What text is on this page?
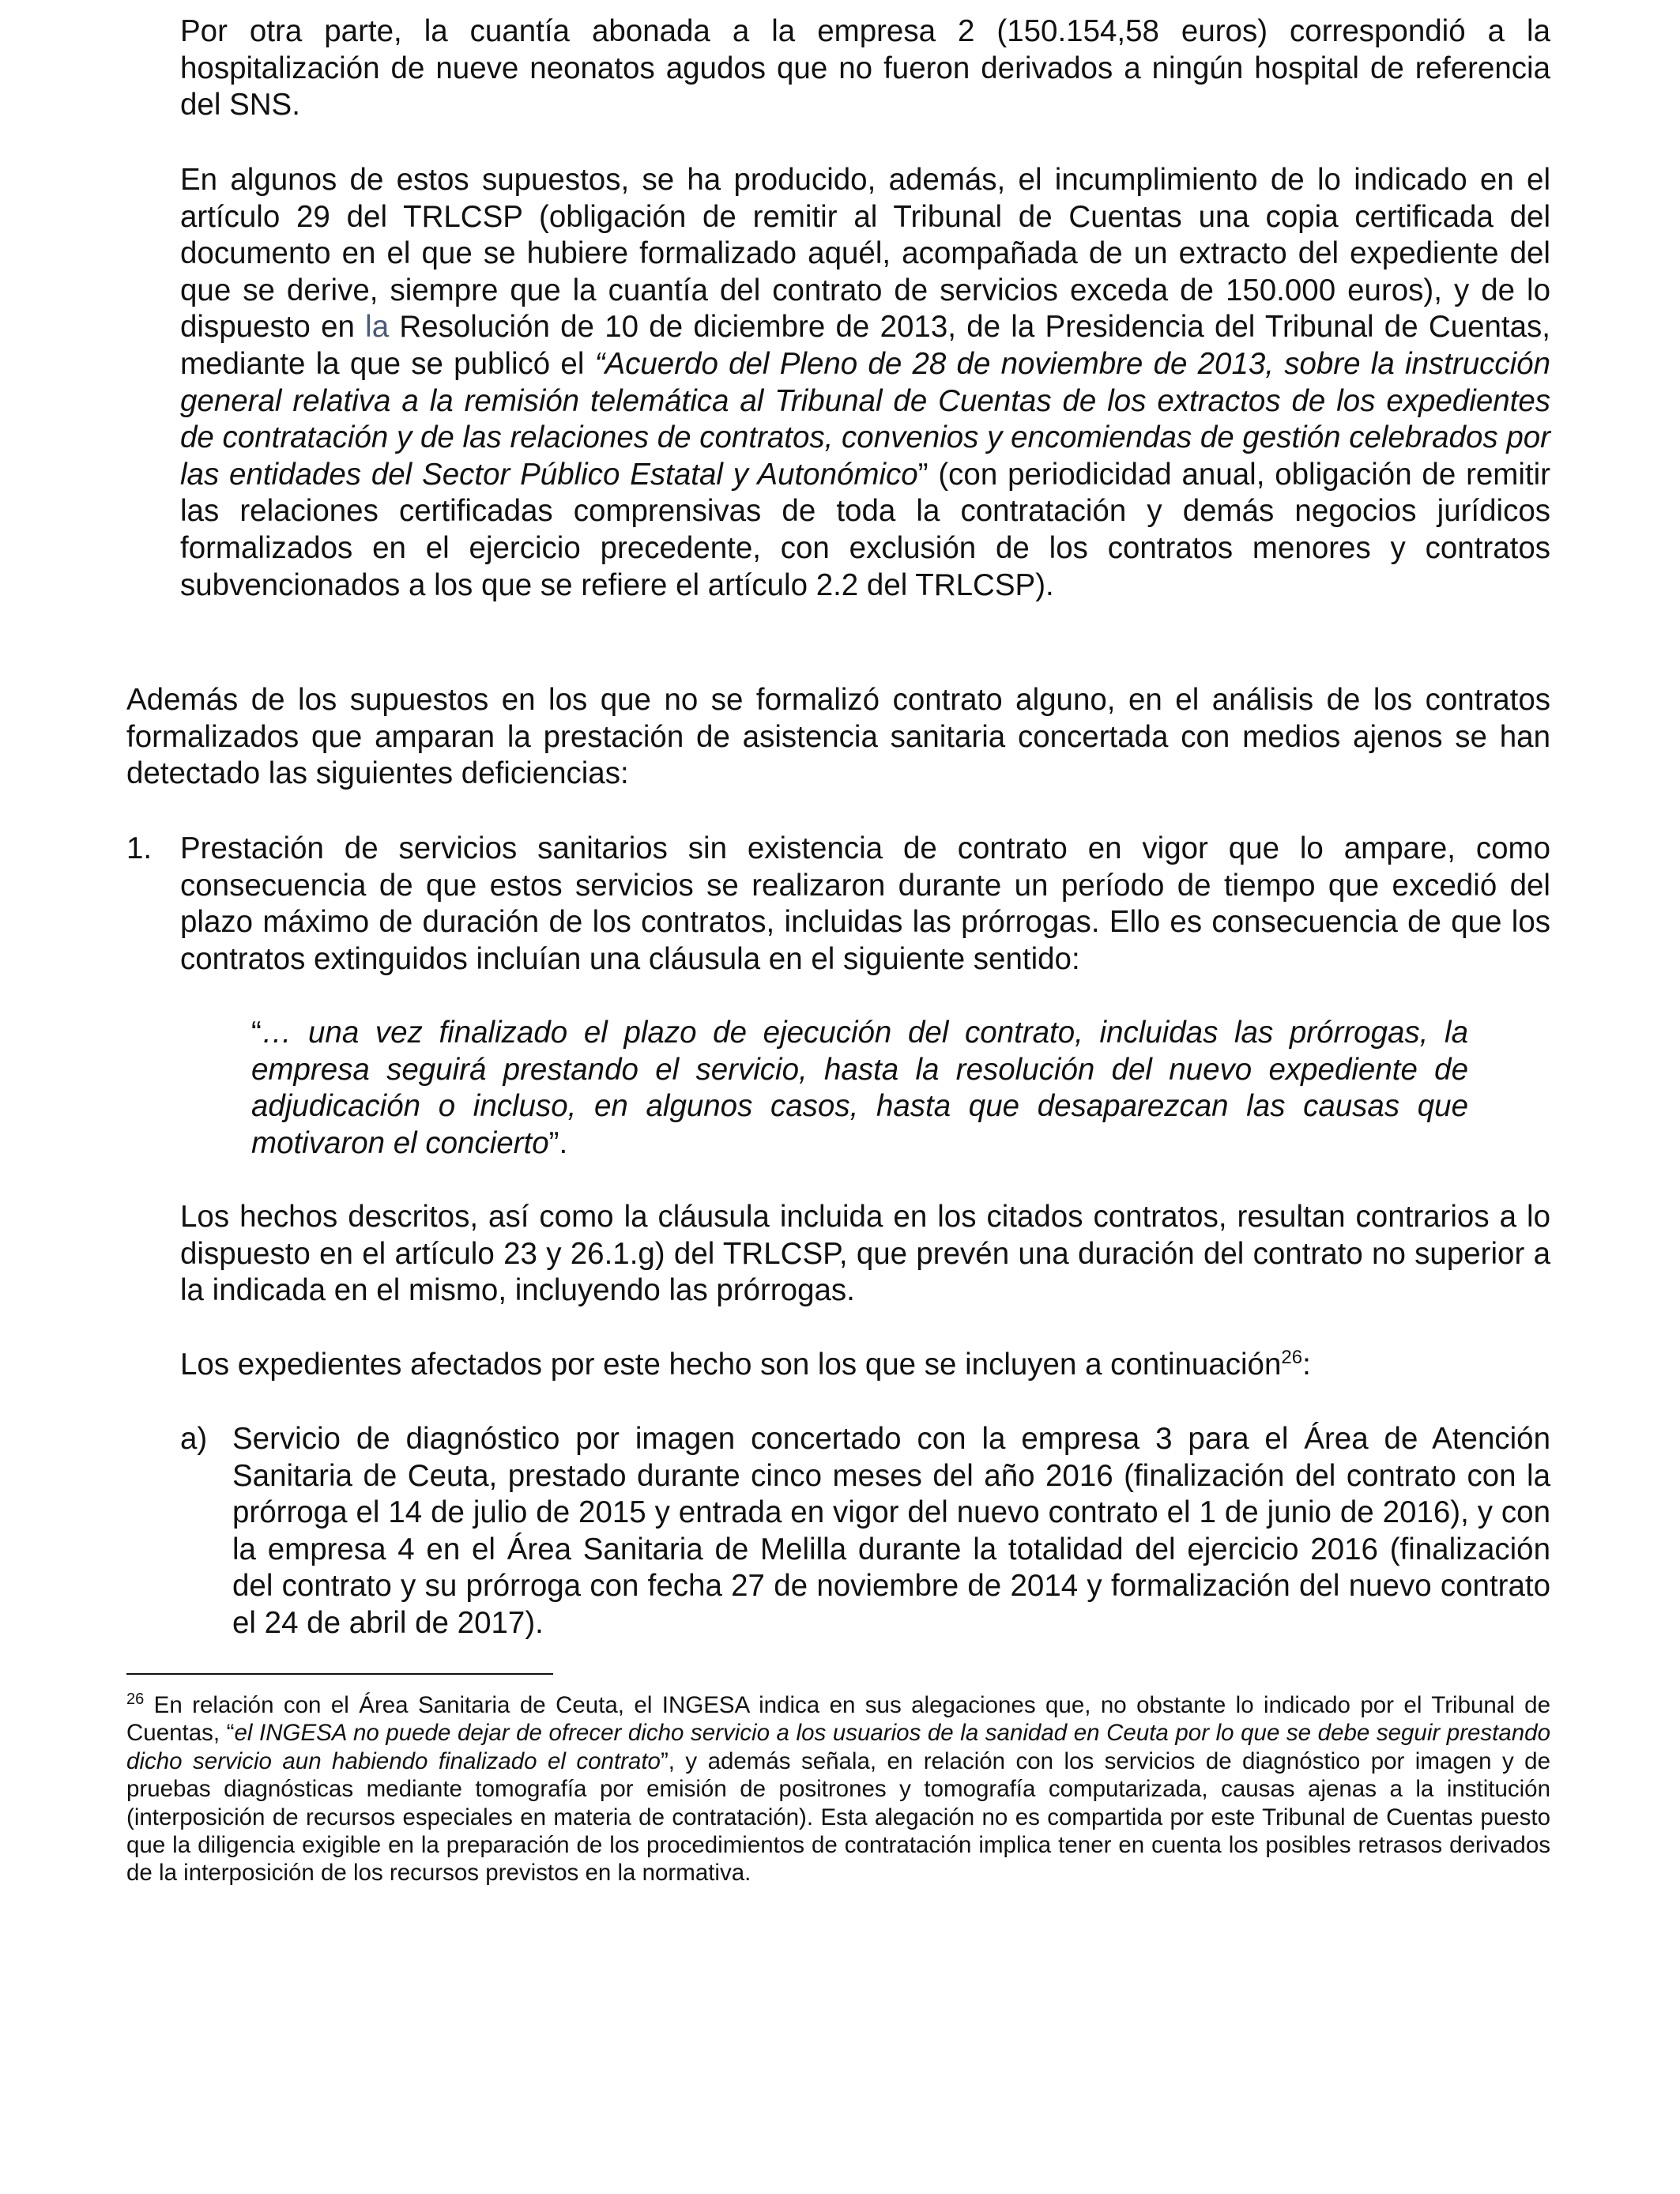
Por otra parte, la cuantía abonada a la empresa 2 (150.154,58 euros) correspondió a la hospitalización de nueve neonatos agudos que no fueron derivados a ningún hospital de referencia del SNS.

En algunos de estos supuestos, se ha producido, además, el incumplimiento de lo indicado en el artículo 29 del TRLCSP (obligación de remitir al Tribunal de Cuentas una copia certificada del documento en el que se hubiere formalizado aquél, acompañada de un extracto del expediente del que se derive, siempre que la cuantía del contrato de servicios exceda de 150.000 euros), y de lo dispuesto en la Resolución de 10 de diciembre de 2013, de la Presidencia del Tribunal de Cuentas, mediante la que se publicó el “Acuerdo del Pleno de 28 de noviembre de 2013, sobre la instrucción general relativa a la remisión telemática al Tribunal de Cuentas de los extractos de los expedientes de contratación y de las relaciones de contratos, convenios y encomiendas de gestión celebrados por las entidades del Sector Público Estatal y Autonómico” (con periodicidad anual, obligación de remitir las relaciones certificadas comprensivas de toda la contratación y demás negocios jurídicos formalizados en el ejercicio precedente, con exclusión de los contratos menores y contratos subvencionados a los que se refiere el artículo 2.2 del TRLCSP).

Además de los supuestos en los que no se formalizó contrato alguno, en el análisis de los contratos formalizados que amparan la prestación de asistencia sanitaria concertada con medios ajenos se han detectado las siguientes deficiencias:

1. Prestación de servicios sanitarios sin existencia de contrato en vigor que lo ampare, como consecuencia de que estos servicios se realizaron durante un período de tiempo que excedió del plazo máximo de duración de los contratos, incluidas las prórrogas. Ello es consecuencia de que los contratos extinguidos incluían una cláusula en el siguiente sentido:

“… una vez finalizado el plazo de ejecución del contrato, incluidas las prórrogas, la empresa seguirá prestando el servicio, hasta la resolución del nuevo expediente de adjudicación o incluso, en algunos casos, hasta que desaparezcan las causas que motivaron el concierto”.

Los hechos descritos, así como la cláusula incluida en los citados contratos, resultan contrarios a lo dispuesto en el artículo 23 y 26.1.g) del TRLCSP, que prevén una duración del contrato no superior a la indicada en el mismo, incluyendo las prórrogas.

Los expedientes afectados por este hecho son los que se incluyen a continuación$^{26}$:

a) Servicio de diagnóstico por imagen concertado con la empresa 3 para el Área de Atención Sanitaria de Ceuta, prestado durante cinco meses del año 2016 (finalización del contrato con la prórroga el 14 de julio de 2015 y entrada en vigor del nuevo contrato el 1 de junio de 2016), y con la empresa 4 en el Área Sanitaria de Melilla durante la totalidad del ejercicio 2016 (finalización del contrato y su prórroga con fecha 27 de noviembre de 2014 y formalización del nuevo contrato el 24 de abril de 2017).

$^{26}$ En relación con el Área Sanitaria de Ceuta, el INGESA indica en sus alegaciones que, no obstante lo indicado por el Tribunal de Cuentas, “el INGESA no puede dejar de ofrecer dicho servicio a los usuarios de la sanidad en Ceuta por lo que se debe seguir prestando dicho servicio aun habiendo finalizado el contrato”, y además señala, en relación con los servicios de diagnóstico por imagen y de pruebas diagnósticas mediante tomografía por emisión de positrones y tomografía computarizada, causas ajenas a la institución (interposición de recursos especiales en materia de contratación). Esta alegación no es compartida por este Tribunal de Cuentas puesto que la diligencia exigible en la preparación de los procedimientos de contratación implica tener en cuenta los posibles retrasos derivados de la interposición de los recursos previstos en la normativa.
